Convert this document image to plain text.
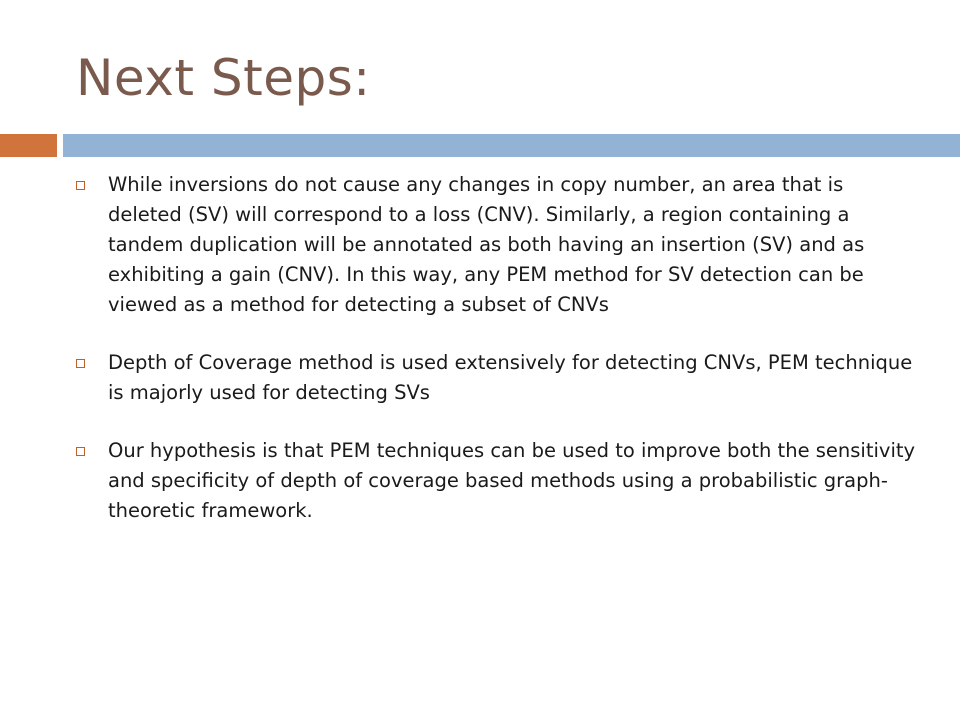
Next Steps:
While inversions do not cause any changes in copy number, an area that is deleted (SV) will correspond to a loss (CNV). Similarly, a region containing a tandem duplication will be annotated as both having an insertion (SV) and as exhibiting a gain (CNV). In this way, any PEM method for SV detection can be viewed as a method for detecting a subset of CNVs
Depth of Coverage method is used extensively for detecting CNVs, PEM technique is majorly used for detecting SVs
Our hypothesis is that PEM techniques can be used to improve both the sensitivity and specificity of depth of coverage based methods using a probabilistic graph-theoretic framework.
